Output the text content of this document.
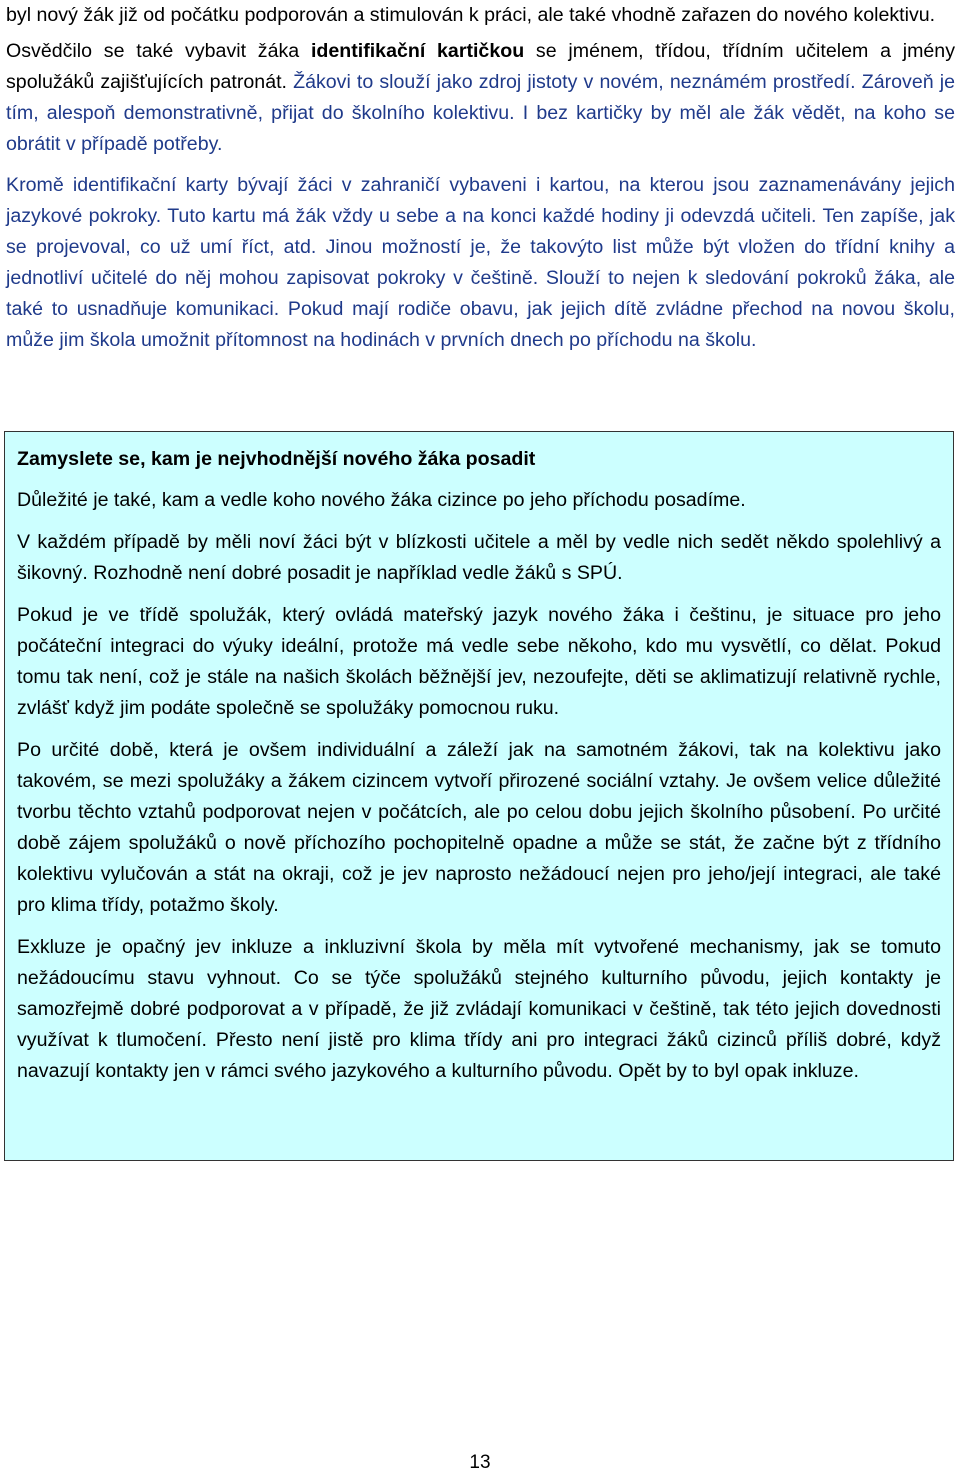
byl nový žák již od počátku podporován a stimulován k práci, ale také vhodně zařazen do nového kolektivu.

Osvědčilo se také vybavit žáka identifikační kartičkou se jménem, třídou, třídním učitelem a jmény spolužáků zajišťujících patronát. Žákovi to slouží jako zdroj jistoty v novém, neznámém prostředí. Zároveň je tím, alespoň demonstrativně, přijat do školního kolektivu. I bez kartičky by měl ale žák vědět, na koho se obrátit v případě potřeby.

Kromě identifikační karty bývají žáci v zahraničí vybaveni i kartou, na kterou jsou zaznamenávány jejich jazykové pokroky. Tuto kartu má žák vždy u sebe a na konci každé hodiny ji odevzdá učiteli. Ten zapíše, jak se projevoval, co už umí říct, atd. Jinou možností je, že takovýto list může být vložen do třídní knihy a jednotliví učitelé do něj mohou zapisovat pokroky v češtině. Slouží to nejen k sledování pokroků žáka, ale také to usnadňuje komunikaci. Pokud mají rodiče obavu, jak jejich dítě zvládne přechod na novou školu, může jim škola umožnit přítomnost na hodinách v prvních dnech po příchodu na školu.

Zamyslete se, kam je nejvhodnější nového žáka posadit

Důležité je také, kam a vedle koho nového žáka cizince po jeho příchodu posadíme.

V každém případě by měli noví žáci být v blízkosti učitele a měl by vedle nich sedět někdo spolehlivý a šikovný. Rozhodně není dobré posadit je například vedle žáků s SPÚ.

Pokud je ve třídě spolužák, který ovládá mateřský jazyk nového žáka i češtinu, je situace pro jeho počáteční integraci do výuky ideální, protože má vedle sebe někoho, kdo mu vysvětlí, co dělat. Pokud tomu tak není, což je stále na našich školách běžnější jev, nezoufejte, děti se aklimatizují relativně rychle, zvlášť když jim podáte společně se spolužáky pomocnou ruku.

Po určité době, která je ovšem individuální a záleží jak na samotném žákovi, tak na kolektivu jako takovém, se mezi spolužáky a žákem cizincem vytvoří přirozené sociální vztahy. Je ovšem velice důležité tvorbu těchto vztahů podporovat nejen v počátcích, ale po celou dobu jejich školního působení. Po určité době zájem spolužáků o nově příchozího pochopitelně opadne a může se stát, že začne být z třídního kolektivu vylučován a stát na okraji, což je jev naprosto nežádoucí nejen pro jeho/její integraci, ale také pro klima třídy, potažmo školy.

Exkluze je opačný jev inkluze a inkluzivní škola by měla mít vytvořené mechanismy, jak se tomuto nežádoucímu stavu vyhnout. Co se týče spolužáků stejného kulturního původu, jejich kontakty je samozřejmě dobré podporovat a v případě, že již zvládají komunikaci v češtině, tak této jejich dovednosti využívat k tlumočení. Přesto není jistě pro klima třídy ani pro integraci žáků cizinců příliš dobré, když navazují kontakty jen v rámci svého jazykového a kulturního původu. Opět by to byl opak inkluze.

13
